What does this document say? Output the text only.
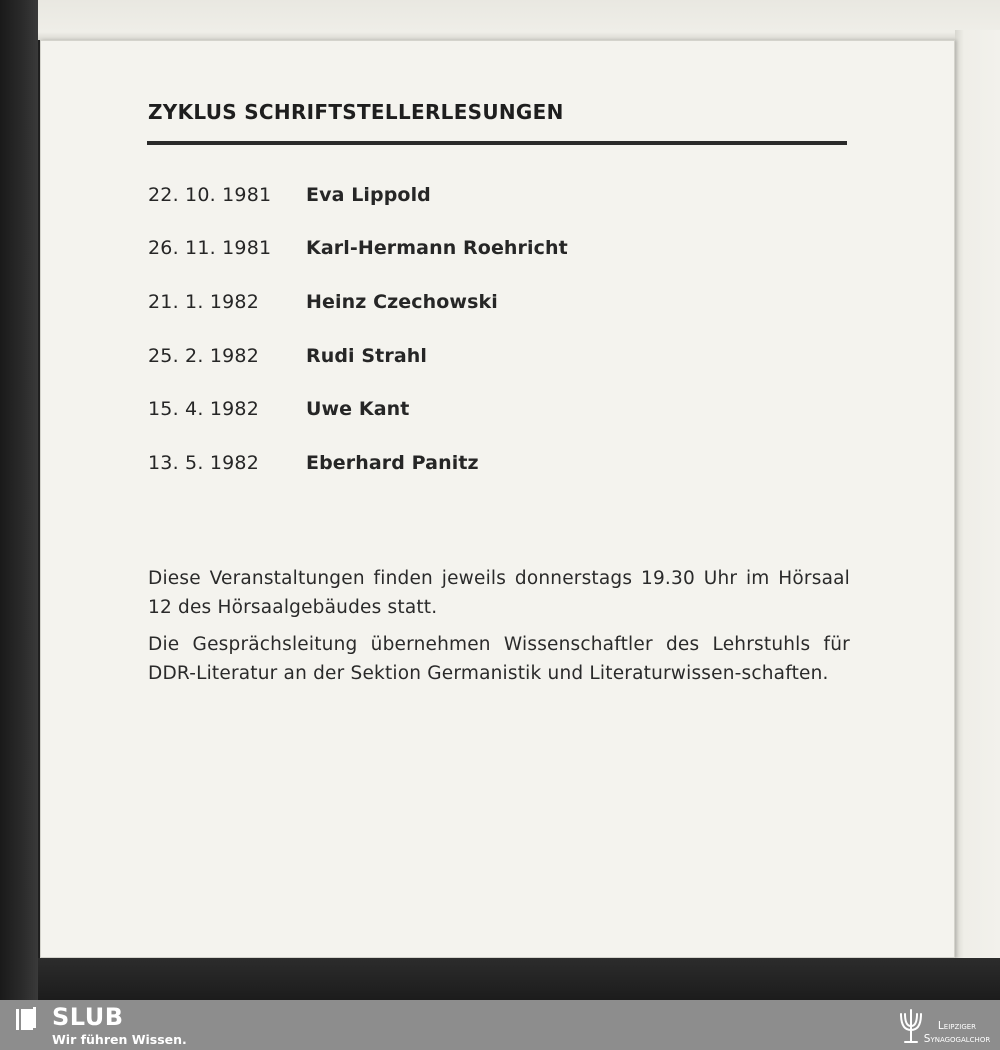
ZYKLUS SCHRIFTSTELLERLESUNGEN
22. 10. 1981	Eva Lippold
26. 11. 1981	Karl-Hermann Roehricht
21. 1. 1982	Heinz Czechowski
25. 2. 1982	Rudi Strahl
15. 4. 1982	Uwe Kant
13. 5. 1982	Eberhard Panitz

Diese Veranstaltungen finden jeweils donnerstags 19.30 Uhr im Hörsaal 12 des Hörsaalgebäudes statt.

Die Gesprächsleitung übernehmen Wissenschaftler des Lehrstuhls für DDR-Literatur an der Sektion Germanistik und Literaturwissen-schaften.

SLUB
Wir führen Wissen.
Leipziger
Synagogalchor
